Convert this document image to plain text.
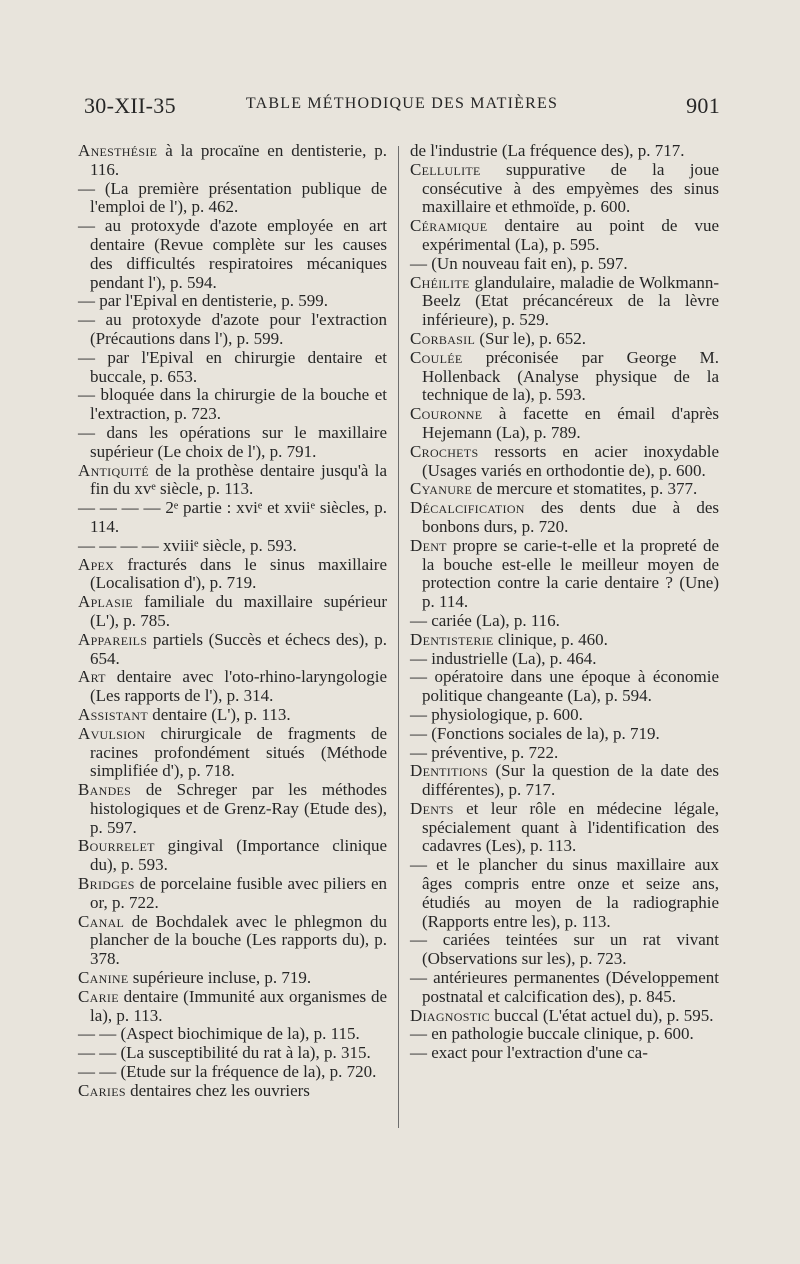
30-XII-35	TABLE MÉTHODIQUE DES MATIÈRES	901
Anesthésie à la procaïne en dentisterie, p. 116.
— (La première présentation publique de l'emploi de l'), p. 462.
— au protoxyde d'azote employée en art dentaire (Revue complète sur les causes des difficultés respiratoires mécaniques pendant l'), p. 594.
— par l'Epival en dentisterie, p. 599.
— au protoxyde d'azote pour l'extraction (Précautions dans l'), p. 599.
— par l'Epival en chirurgie dentaire et buccale, p. 653.
— bloquée dans la chirurgie de la bouche et l'extraction, p. 723.
— dans les opérations sur le maxillaire supérieur (Le choix de l'), p. 791.
Antiquité de la prothèse dentaire jusqu'à la fin du xvᵉ siècle, p. 113.
— — — — 2ᵉ partie : xviᵉ et xviiᵉ siècles, p. 114.
— — — — xviiiᵉ siècle, p. 593.
Apex fracturés dans le sinus maxillaire (Localisation d'), p. 719.
Aplasie familiale du maxillaire supérieur (L'), p. 785.
Appareils partiels (Succès et échecs des), p. 654.
Art dentaire avec l'oto-rhino-laryngologie (Les rapports de l'), p. 314.
Assistant dentaire (L'), p. 113.
Avulsion chirurgicale de fragments de racines profondément situés (Méthode simplifiée d'), p. 718.
Bandes de Schreger par les méthodes histologiques et de Grenz-Ray (Etude des), p. 597.
Bourrelet gingival (Importance clinique du), p. 593.
Bridges de porcelaine fusible avec piliers en or, p. 722.
Canal de Bochdalek avec le phlegmon du plancher de la bouche (Les rapports du), p. 378.
Canine supérieure incluse, p. 719.
Carie dentaire (Immunité aux organismes de la), p. 113.
— — (Aspect biochimique de la), p. 115.
— — (La susceptibilité du rat à la), p. 315.
— — (Etude sur la fréquence de la), p. 720.
Caries dentaires chez les ouvriers
de l'industrie (La fréquence des), p. 717.
Cellulite suppurative de la joue consécutive à des empyèmes des sinus maxillaire et ethmoïde, p. 600.
Céramique dentaire au point de vue expérimental (La), p. 595.
— (Un nouveau fait en), p. 597.
Chéilite glandulaire, maladie de Wolkmann-Beelz (Etat précancéreux de la lèvre inférieure), p. 529.
Corbasil (Sur le), p. 652.
Coulée préconisée par George M. Hollenback (Analyse physique de la technique de la), p. 593.
Couronne à facette en émail d'après Hejemann (La), p. 789.
Crochets ressorts en acier inoxydable (Usages variés en orthodontie de), p. 600.
Cyanure de mercure et stomatites, p. 377.
Décalcification des dents due à des bonbons durs, p. 720.
Dent propre se carie-t-elle et la propreté de la bouche est-elle le meilleur moyen de protection contre la carie dentaire ? (Une) p. 114.
— cariée (La), p. 116.
Dentisterie clinique, p. 460.
— industrielle (La), p. 464.
— opératoire dans une époque à économie politique changeante (La), p. 594.
— physiologique, p. 600.
— (Fonctions sociales de la), p. 719.
— préventive, p. 722.
Dentitions (Sur la question de la date des différentes), p. 717.
Dents et leur rôle en médecine légale, spécialement quant à l'identification des cadavres (Les), p. 113.
— et le plancher du sinus maxillaire aux âges compris entre onze et seize ans, étudiés au moyen de la radiographie (Rapports entre les), p. 113.
— cariées teintées sur un rat vivant (Observations sur les), p. 723.
— antérieures permanentes (Développement postnatal et calcification des), p. 845.
Diagnostic buccal (L'état actuel du), p. 595.
— en pathologie buccale clinique, p. 600.
— exact pour l'extraction d'une ca-
